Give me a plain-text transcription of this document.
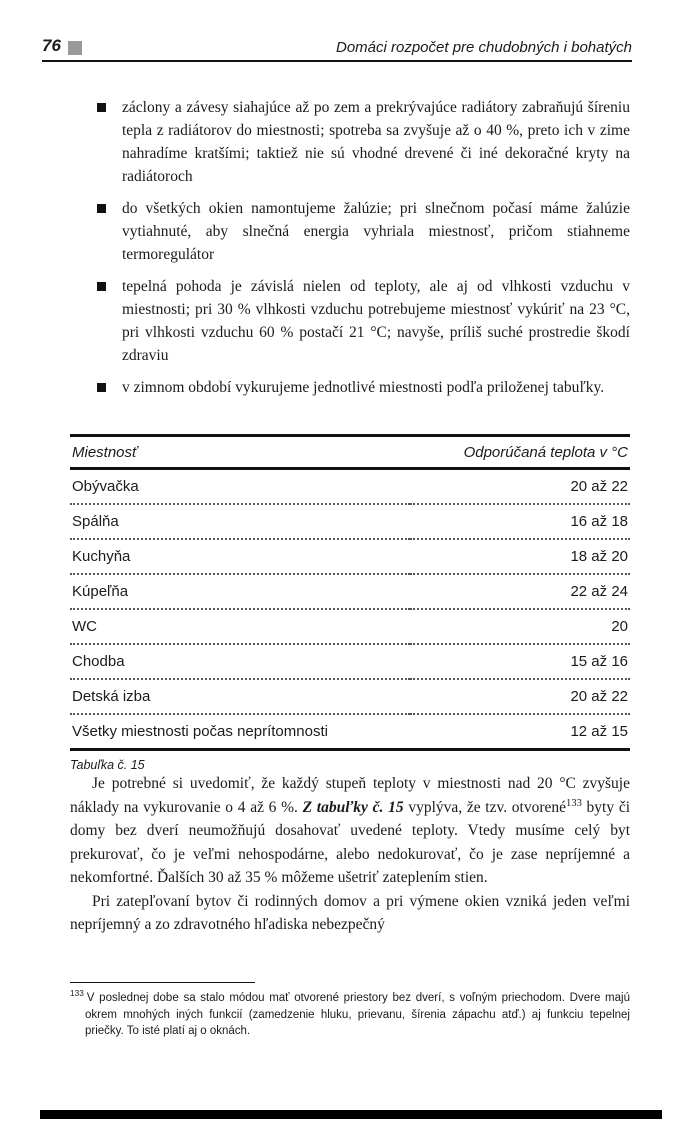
76	Domáci rozpočet pre chudobných i bohatých
záclony a závesy siahajúce až po zem a prekrývajúce radiátory zabraňujú šíreniu tepla z radiátorov do miestnosti; spotreba sa zvyšuje až o 40 %, preto ich v zime nahradíme kratšími; taktiež nie sú vhodné drevené či iné dekoračné kryty na radiátoroch
do všetkých okien namontujeme žalúzie; pri slnečnom počasí máme žalúzie vytiahnuté, aby slnečná energia vyhriala miestnosť, pričom stiahneme termoregulátor
tepelná pohoda je závislá nielen od teploty, ale aj od vlhkosti vzduchu v miestnosti; pri 30 % vlhkosti vzduchu potrebujeme miestnosť vykúriť na 23 °C, pri vlhkosti vzduchu 60 % postačí 21 °C; navyše, príliš suché prostredie škodí zdraviu
v zimnom období vykurujeme jednotlivé miestnosti podľa priloženej tabuľky.
Miestnosť	Odporúčaná teplota v °C
Obývačka	20 až 22
Spálňa	16 až 18
Kuchyňa	18 až 20
Kúpeľňa	22 až 24
WC	20
Chodba	15 až 16
Detská izba	20 až 22
Všetky miestnosti počas neprítomnosti	12 až 15
Tabuľka č. 15

Je potrebné si uvedomiť, že každý stupeň teploty v miestnosti nad 20 °C zvyšuje náklady na vykurovanie o 4 až 6 %. Z tabuľky č. 15 vyplýva, že tzv. otvorené$^{133}$ byty či domy bez dverí neumožňujú dosahovať uvedené teploty. Vtedy musíme celý byt prekurovať, čo je veľmi nehospodárne, alebo nedokurovať, čo je zase nepríjemné a nekomfortné. Ďalších 30 až 35 % môžeme ušetriť zateplením stien.

Pri zatepľovaní bytov či rodinných domov a pri výmene okien vzniká jeden veľmi nepríjemný a zo zdravotného hľadiska nebezpečný

$^{133}$ V poslednej dobe sa stalo módou mať otvorené priestory bez dverí, s voľným priechodom. Dvere majú okrem mnohých iných funkcií (zamedzenie hluku, prievanu, šírenia zápachu atď.) aj funkciu tepelnej priečky. To isté platí aj o oknách.
